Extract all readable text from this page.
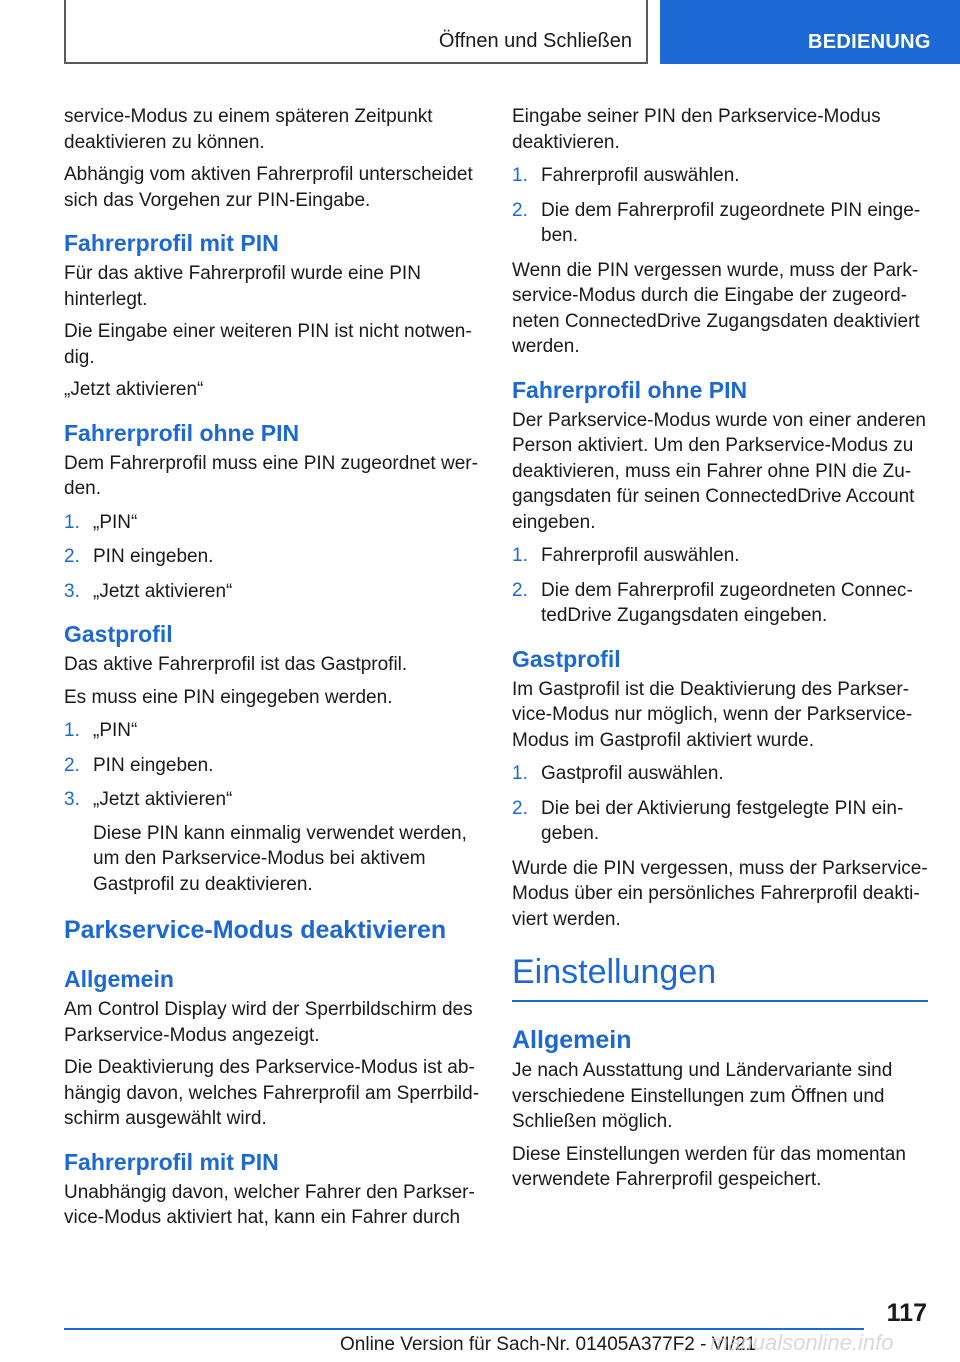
Öffnen und Schließen	BEDIENUNG

service-Modus zu einem späteren Zeitpunkt deaktivieren zu können.

Abhängig vom aktiven Fahrerprofil unterscheidet sich das Vorgehen zur PIN-Eingabe.

Fahrerprofil mit PIN

Für das aktive Fahrerprofil wurde eine PIN hinterlegt.

Die Eingabe einer weiteren PIN ist nicht notwendig.

„Jetzt aktivieren“

Fahrerprofil ohne PIN

Dem Fahrerprofil muss eine PIN zugeordnet werden.

1. „PIN“
2. PIN eingeben.
3. „Jetzt aktivieren“
Gastprofil

Das aktive Fahrerprofil ist das Gastprofil.

Es muss eine PIN eingegeben werden.

1. „PIN“
2. PIN eingeben.
3. „Jetzt aktivieren“
Diese PIN kann einmalig verwendet werden, um den Parkservice-Modus bei aktivem Gastprofil zu deaktivieren.
Parkservice-Modus deaktivieren
Allgemein

Am Control Display wird der Sperrbildschirm des Parkservice-Modus angezeigt.

Die Deaktivierung des Parkservice-Modus ist abhängig davon, welches Fahrerprofil am Sperrbildschirm ausgewählt wird.

Fahrerprofil mit PIN

Unabhängig davon, welcher Fahrer den Parkservice-Modus aktiviert hat, kann ein Fahrer durch

Eingabe seiner PIN den Parkservice-Modus deaktivieren.

1. Fahrerprofil auswählen.
2. Die dem Fahrerprofil zugeordnete PIN eingeben.

Wenn die PIN vergessen wurde, muss der Parkservice-Modus durch die Eingabe der zugeordneten ConnectedDrive Zugangsdaten deaktiviert werden.

Fahrerprofil ohne PIN

Der Parkservice-Modus wurde von einer anderen Person aktiviert. Um den Parkservice-Modus zu deaktivieren, muss ein Fahrer ohne PIN die Zugangsdaten für seinen ConnectedDrive Account eingeben.

1. Fahrerprofil auswählen.
2. Die dem Fahrerprofil zugeordneten ConnectedDrive Zugangsdaten eingeben.
Gastprofil

Im Gastprofil ist die Deaktivierung des Parkservice-Modus nur möglich, wenn der Parkservice-Modus im Gastprofil aktiviert wurde.

1. Gastprofil auswählen.
2. Die bei der Aktivierung festgelegte PIN eingeben.

Wurde die PIN vergessen, muss der Parkservice-Modus über ein persönliches Fahrerprofil deaktiviert werden.

Einstellungen
Allgemein

Je nach Ausstattung und Ländervariante sind verschiedene Einstellungen zum Öffnen und Schließen möglich.

Diese Einstellungen werden für das momentan verwendete Fahrerprofil gespeichert.

117
Online Version für Sach-Nr. 01405A377F2 - VI/21
manualsonline.info
